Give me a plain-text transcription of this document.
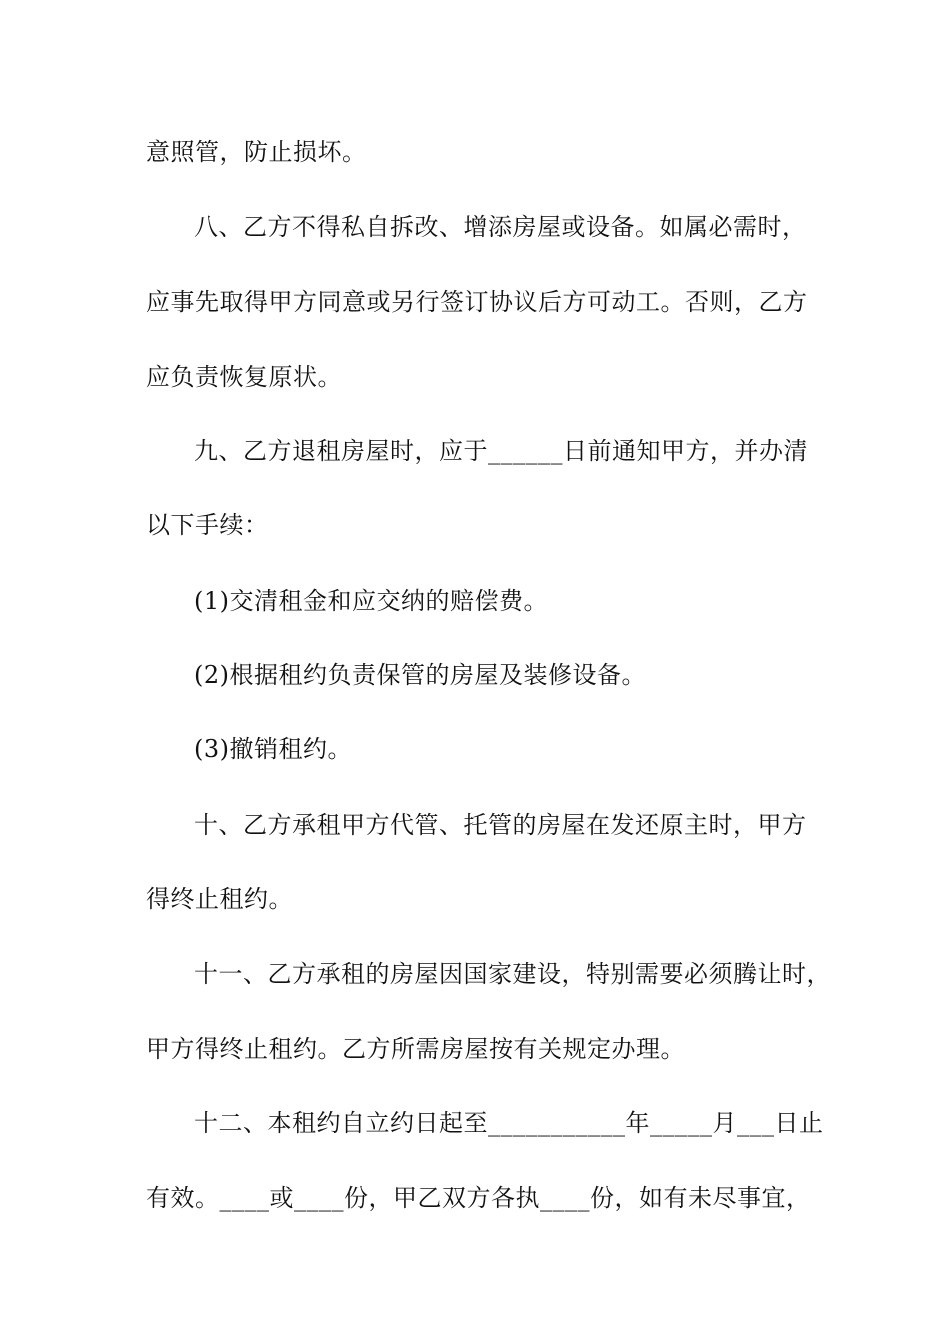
意照管，防止损坏。
八、乙方不得私自拆改、增添房屋或设备。如属必需时，
应事先取得甲方同意或另行签订协议后方可动工。否则，乙方
应负责恢复原状。
九、乙方退租房屋时，应于______日前通知甲方，并办清
以下手续：
(1)交清租金和应交纳的赔偿费。
(2)根据租约负责保管的房屋及装修设备。
(3)撤销租约。
十、乙方承租甲方代管、托管的房屋在发还原主时，甲方
得终止租约。
十一、乙方承租的房屋因国家建设，特别需要必须腾让时，
甲方得终止租约。乙方所需房屋按有关规定办理。
十二、本租约自立约日起至___________年_____月___日止
有效。____或____份，甲乙双方各执____份，如有未尽事宜，
